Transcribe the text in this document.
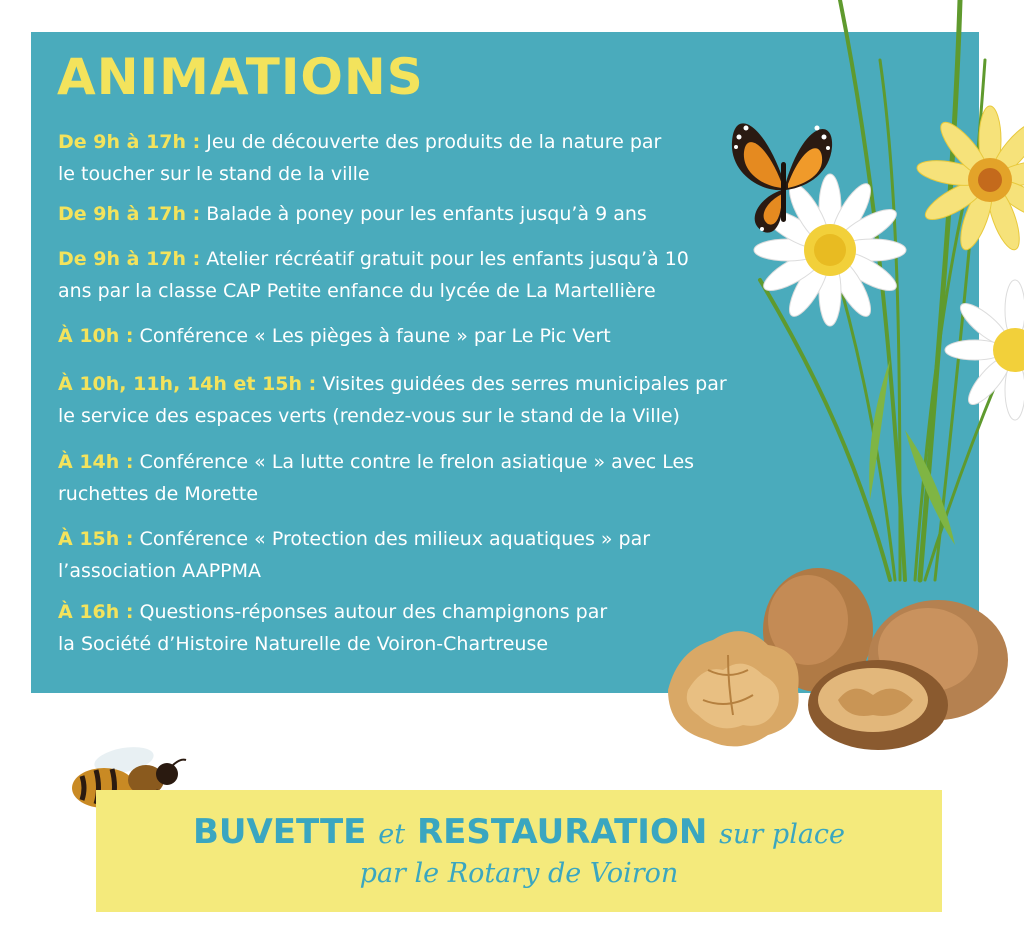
ANIMATIONS
De 9h à 17h : Jeu de découverte des produits de la nature par
le toucher sur le stand de la ville
De 9h à 17h : Balade à poney pour les enfants jusqu’à 9 ans
De 9h à 17h : Atelier récréatif gratuit pour les enfants jusqu’à 10
ans par la classe CAP Petite enfance du lycée de La Martellière
À 10h : Conférence « Les pièges à faune » par Le Pic Vert
À 10h, 11h, 14h et 15h : Visites guidées des serres municipales par
le service des espaces verts (rendez-vous sur le stand de la Ville)
À 14h : Conférence « La lutte contre le frelon asiatique » avec Les
ruchettes de Morette
À 15h : Conférence « Protection des milieux aquatiques » par
l’association AAPPMA
À 16h : Questions-réponses autour des champignons par
la Société d’Histoire Naturelle de Voiron-Chartreuse
BUVETTE et RESTAURATION sur place
par le Rotary de Voiron
